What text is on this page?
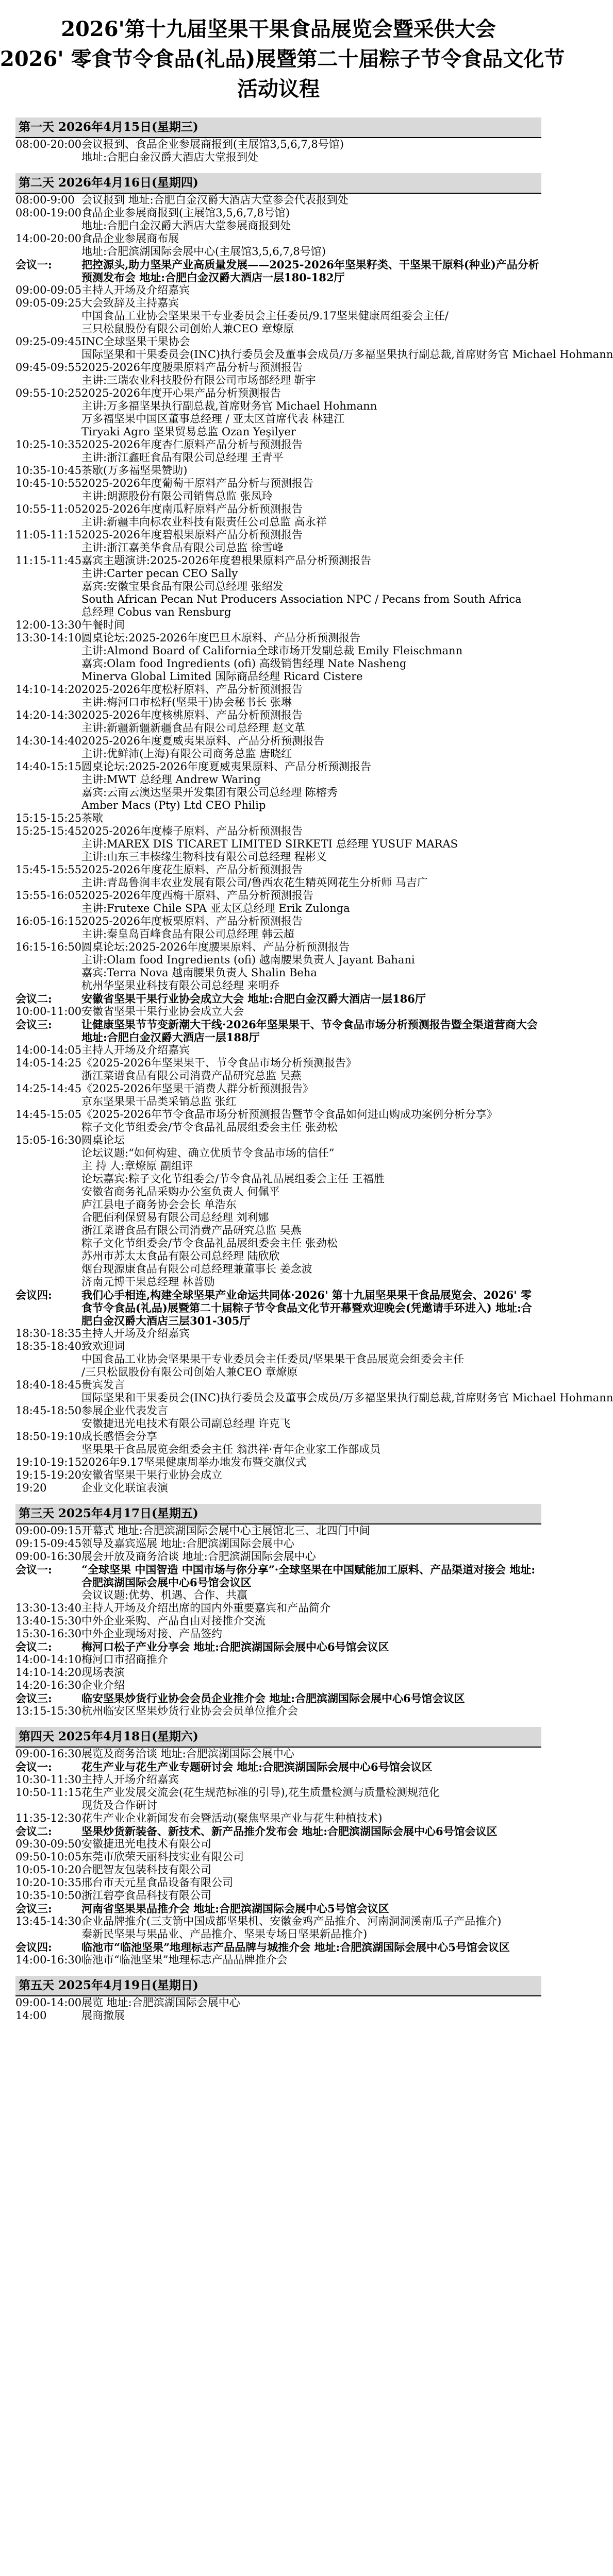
2026'第十九届坚果干果食品展览会暨采供大会
2026' 零食节令食品(礼品)展暨第二十届粽子节令食品文化节
活动议程
第一天 2026年4月15日(星期三)
08:00-20:00 会议报到、食品企业参展商报到(主展馆3,5,6,7,8号馆)
地址:合肥白金汉爵大酒店大堂报到处
第二天 2026年4月16日(星期四)
08:00-9:00 会议报到 地址:合肥白金汉爵大酒店大堂参会代表报到处
08:00-19:00 食品企业参展商报到(主展馆3,5,6,7,8号馆)
地址:合肥白金汉爵大酒店大堂参展商报到处
14:00-20:00 食品企业参展商布展
地址:合肥滨湖国际会展中心(主展馆3,5,6,7,8号馆)
会议一:	把控源头,助力坚果产业高质量发展——2025-2026年坚果籽类、干坚果干原料(种业)产品分析预测发布会 地址:合肥白金汉爵大酒店一层180-182厅
09:00-09:05 主持人开场及介绍嘉宾
09:05-09:25 大会致辞及主持嘉宾
中国食品工业协会坚果果干专业委员会主任委员/9.17坚果健康周组委会主任/
三只松鼠股份有限公司创始人兼CEO 章燎原
09:25-09:45 INC全球坚果干果协会
国际坚果和干果委员会(INC)执行委员会及董事会成员/万多福坚果执行副总裁,首席财务官 Michael Hohmann
09:45-09:55 2025-2026年度腰果原料产品分析与预测报告
主讲:三瑞农业科技股份有限公司市场部经理 靳宇
09:55-10:25 2025-2026年度开心果产品分析预测报告
主讲:万多福坚果执行副总裁,首席财务官 Michael Hohmann
万多福坚果中国区董事总经理 / 亚太区首席代表 林建江
Tiryaki Agro 坚果贸易总监 Ozan Yeşilyer
10:25-10:35 2025-2026年度杏仁原料产品分析与预测报告
主讲:浙江鑫旺食品有限公司总经理 王青平
10:35-10:45 茶歇(万多福坚果赞助)
10:45-10:55 2025-2026年度葡萄干原料产品分析与预测报告
主讲:朗源股份有限公司销售总监 张凤玲
10:55-11:05 2025-2026年度南瓜籽原料产品分析预测报告
主讲:新疆丰向标农业科技有限责任公司总监 高永祥
11:05-11:15 2025-2026年度碧根果原料产品分析预测报告
主讲:浙江嘉美华食品有限公司总监 徐雪峰
11:15-11:45 嘉宾主题演讲:2025-2026年度碧根果原料产品分析预测报告
主讲:Carter pecan CEO Sally
嘉宾:安徽宝果食品有限公司总经理 张绍发
South African Pecan Nut Producers Association NPC / Pecans from South Africa
总经理 Cobus van Rensburg
12:00-13:30 午餐时间
13:30-14:10 圆桌论坛:2025-2026年度巴旦木原料、产品分析预测报告
主讲:Almond Board of California全球市场开发副总裁 Emily Fleischmann
嘉宾:Olam food Ingredients (ofi) 高级销售经理 Nate Nasheng
Minerva Global Limited 国际商品经理 Ricard Cistere
14:10-14:20 2025-2026年度松籽原料、产品分析预测报告
主讲:梅河口市松籽(坚果干)协会秘书长 张琳
14:20-14:30 2025-2026年度核桃原料、产品分析预测报告
主讲:新疆新疆新疆食品有限公司总经理 赵文革
14:30-14:40 2025-2026年度夏威夷果原料、产品分析预测报告
主讲:优鲜沛(上海)有限公司商务总监 唐晓红
14:40-15:15 圆桌论坛:2025-2026年度夏威夷果原料、产品分析预测报告
主讲:MWT 总经理 Andrew Waring
嘉宾:云南云澳达坚果开发集团有限公司总经理 陈榕秀
Amber Macs (Pty) Ltd CEO Philip
15:15-15:25 茶歇
15:25-15:45 2025-2026年度榛子原料、产品分析预测报告
主讲:MAREX DIS TICARET LIMITED SIRKETI 总经理 YUSUF MARAS
主讲:山东三丰榛缘生物科技有限公司总经理 程彬义
15:45-15:55 2025-2026年度花生原料、产品分析预测报告
主讲:青岛鲁润丰农业发展有限公司/鲁西农花生精英网花生分析师 马吉广
15:55-16:05 2025-2026年度西梅干原料、产品分析预测报告
主讲:Frutexe Chile SPA 亚太区总经理 Erik Zulonga
16:05-16:15 2025-2026年度板栗原料、产品分析预测报告
主讲:秦皇岛百峰食品有限公司总经理 韩云超
16:15-16:50 圆桌论坛:2025-2026年度腰果原料、产品分析预测报告
主讲:Olam food Ingredients (ofi) 越南腰果负责人 Jayant Bahani
嘉宾:Terra Nova 越南腰果负责人 Shalin Beha
杭州华坚果业科技有限公司总经理 来明乔
会议二:	安徽省坚果干果行业协会成立大会 地址:合肥白金汉爵大酒店一层186厅
10:00-11:00 安徽省坚果干果行业协会成立大会
会议三:	让健康坚果节节变新潮大干线·2026年坚果果干、节令食品市场分析预测报告暨全渠道营商大会 地址:合肥白金汉爵大酒店一层188厅
14:00-14:05 主持人开场及介绍嘉宾
14:05-14:25 《2025-2026年坚果果干、节令食品市场分析预测报告》
浙江菜谱食品有限公司消费产品研究总监 吴燕
14:25-14:45 《2025-2026年坚果干消费人群分析预测报告》
京东坚果果干品类采销总监 张红
14:45-15:05 《2025-2026年节令食品市场分析预测报告暨节令食品如何进山购成功案例分析分享》
粽子文化节组委会/节令食品礼品展组委会主任 张劲松
15:05-16:30 圆桌论坛
论坛议题:“如何构建、确立优质节令食品市场的信任”
主 持 人:章燎原 副组评
论坛嘉宾:粽子文化节组委会/节令食品礼品展组委会主任 王福胜
安徽省商务礼品采购办公室负责人 何佩平
庐江县电子商务协会会长 单浩东
合肥佰利保贸易有限公司总经理 刘利娜
浙江菜谱食品有限公司消费产品研究总监 吴燕
粽子文化节组委会/节令食品礼品展组委会主任 张劲松
苏州市苏太太食品有限公司总经理 陆欣欣
烟台现源康食品有限公司总经理兼董事长 姜念波
济南元博干果总经理 林普励
会议四:	我们心手相连,构建全球坚果产业命运共同体·2026' 第十九届坚果果干食品展览会、2026' 零食节令食品(礼品)展暨第二十届粽子节令食品文化节开幕暨欢迎晚会(凭邀请手环进入) 地址:合肥白金汉爵大酒店三层301-305厅
18:30-18:35 主持人开场及介绍嘉宾
18:35-18:40 致欢迎词
中国食品工业协会坚果果干专业委员会主任委员/坚果果干食品展览会组委会主任
/三只松鼠股份有限公司创始人兼CEO 章燎原
18:40-18:45 贵宾发言
国际坚果和干果委员会(INC)执行委员会及董事会成员/万多福坚果执行副总裁,首席财务官 Michael Hohmann
18:45-18:50 参展企业代表发言
安徽捷迅光电技术有限公司副总经理 许克飞
18:50-19:10 成长感悟会分享
坚果果干食品展览会组委会主任 翁洪祥·青年企业家工作部成员
19:10-19:15 2026年9.17坚果健康周举办地发布暨交旗仪式
19:15-19:20 安徽省坚果干果行业协会成立
19:20	企业文化联谊表演
第三天 2025年4月17日(星期五)
09:00-09:15 开幕式 地址:合肥滨湖国际会展中心主展馆北三、北四门中间
09:15-09:45 领导及嘉宾巡展 地址:合肥滨湖国际会展中心
09:00-16:30 展会开放及商务洽谈 地址:合肥滨湖国际会展中心
会议一:	“全球坚果 中国智造 中国市场与你分享”·全球坚果在中国赋能加工原料、产品渠道对接会 地址:合肥滨湖国际会展中心6号馆会议区
会议议题:优势、机遇、合作、共赢
13:30-13:40 主持人开场及介绍出席的国内外重要嘉宾和产品简介
13:40-15:30 中外企业采购、产品自由对接推介交流
15:30-16:30 中外企业现场对接、产品签约
会议二:	梅河口松子产业分享会 地址:合肥滨湖国际会展中心6号馆会议区
14:00-14:10 梅河口市招商推介
14:10-14:20 现场表演
14:20-16:30 企业介绍
会议三:	临安坚果炒货行业协会会员企业推介会 地址:合肥滨湖国际会展中心6号馆会议区
13:15-15:30 杭州临安区坚果炒货行业协会会员单位推介会
第四天 2025年4月18日(星期六)
09:00-16:30 展览及商务洽谈 地址:合肥滨湖国际会展中心
会议一:	花生产业与花生产业专题研讨会 地址:合肥滨湖国际会展中心6号馆会议区
10:30-11:30 主持人开场介绍嘉宾
10:50-11:15 花生产业发展交流会(花生规范标准的引导),花生质量检测与质量检测规范化
现货及合作研讨
11:35-12:30 花生产业企业新闻发布会暨活动(聚焦坚果产业与花生种植技术)
会议二:	坚果炒货新装备、新技术、新产品推介发布会 地址:合肥滨湖国际会展中心6号馆会议区
09:30-09:50 安徽捷迅光电技术有限公司
09:50-10:05 东莞市欣荣天丽科技实业有限公司
10:05-10:20 合肥智友包装科技有限公司
10:20-10:35 邢台市天元星食品设备有限公司
10:35-10:50 浙江碧亭食品科技有限公司
会议三:	河南省坚果果品推介会 地址:合肥滨湖国际会展中心5号馆会议区
13:45-14:30 企业品牌推介(三支箭中国成都坚果机、安徽金鸡产品推介、河南洞洞溪南瓜子产品推介)
秦新民坚果与果品业、产品推介、坚果专场日坚果新品推介)
会议四:	临池市“临池坚果”地理标志产品品牌与城推介会 地址:合肥滨湖国际会展中心5号馆会议区
14:00-16:30 临池市“临池坚果”地理标志产品品牌推介会
第五天 2025年4月19日(星期日)
09:00-14:00 展览 地址:合肥滨湖国际会展中心
14:00	展商撤展
